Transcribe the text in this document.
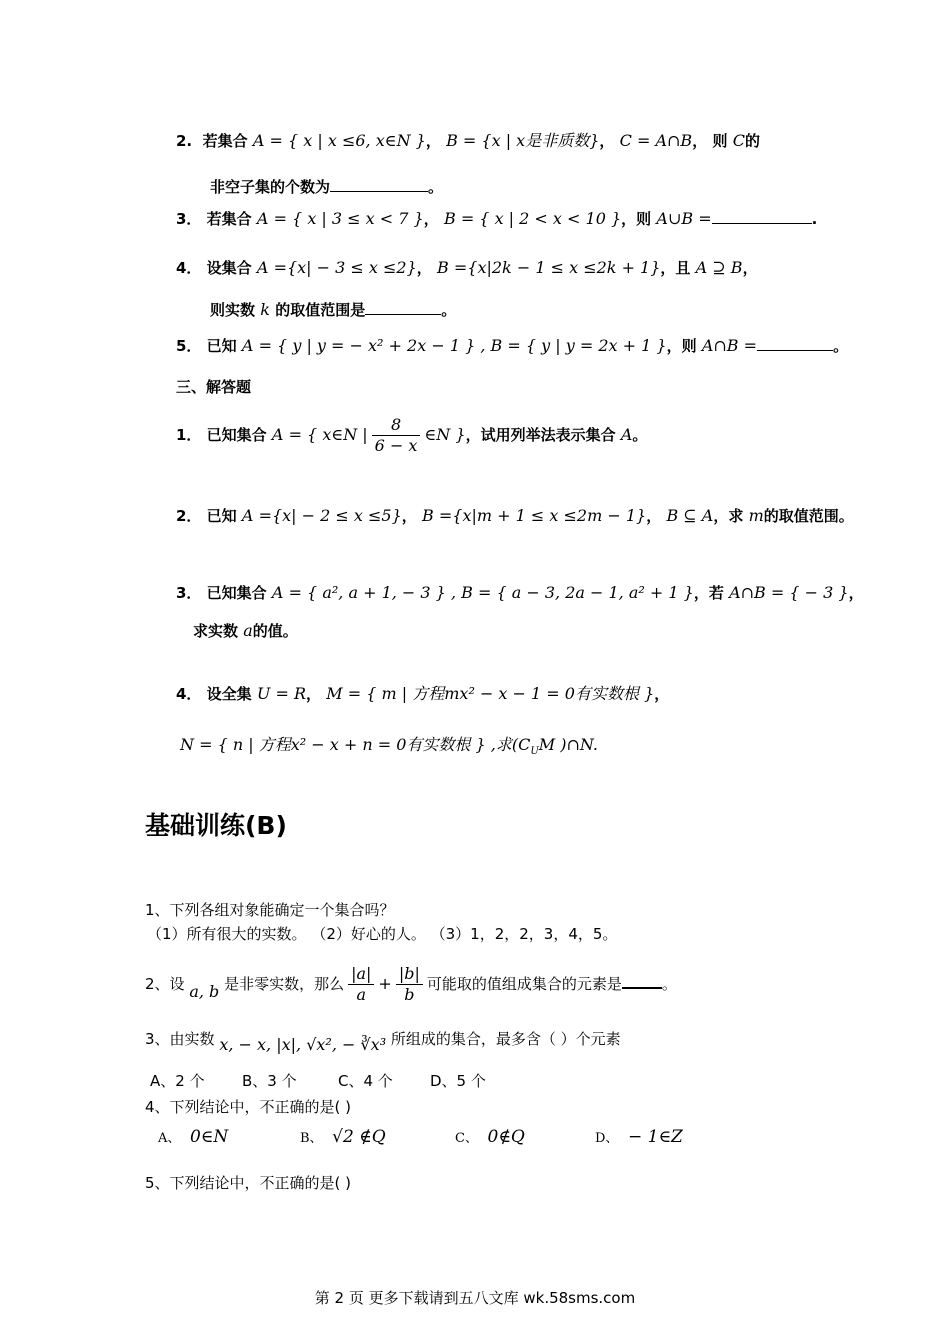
2. 若集合 A = { x | x ≤6, x∈N }， B = {x | x是非质数}， C = A∩B， 则 C的
非空子集的个数为	。
3． 若集合 A = { x | 3 ≤ x < 7 }， B = { x | 2 < x < 10 }，则 A∪B =	.
4． 设集合 A ={x| − 3 ≤ x ≤2}， B ={x|2k − 1 ≤ x ≤2k + 1}，且 A ⊇ B，
则实数 k 的取值范围是	。
5． 已知 A = { y | y = − x² + 2x − 1 } , B = { y | y = 2x + 1 }，则 A∩B =	。
三、解答题
1． 已知集合 A = { x∈N | $\frac{8}{6 - x}$ ∈N }，试用列举法表示集合 A。
2． 已知 A ={x| − 2 ≤ x ≤5}， B ={x|m + 1 ≤ x ≤2m − 1}， B ⊆ A，求 m的取值范围。
3． 已知集合 A = { a², a + 1, − 3 } , B = { a − 3, 2a − 1, a² + 1 }，若 A∩B = { − 3 }，
求实数 a的值。
4． 设全集 U = R， M = { m | 方程mx² − x − 1 = 0有实数根 }，
N = { n | 方程x² − x + n = 0有实数根 } ,求($C_UM$ )∩N.
基础训练(B)
1、下列各组对象能确定一个集合吗？
（1）所有很大的实数。 （2）好心的人。 （3）1，2，2，3，4，5。
2、设 a, b 是非零实数，那么 $\frac{|a|}{a} + \frac{|b|}{b}$ 可能取的值组成集合的元素是	。
3、由实数 x, − x, |x|, √x², − ∛x³ 所组成的集合，最多含（ ）个元素
A、2 个 B、3 个	C、4 个 D、5 个
4、下列结论中，不正确的是( )
A、 0∈N	B、 √2 ∉Q	C、 0∉Q	D、 − 1∈Z
5、下列结论中，不正确的是( )
第 2 页 更多下载请到五八文库 wk.58sms.com
